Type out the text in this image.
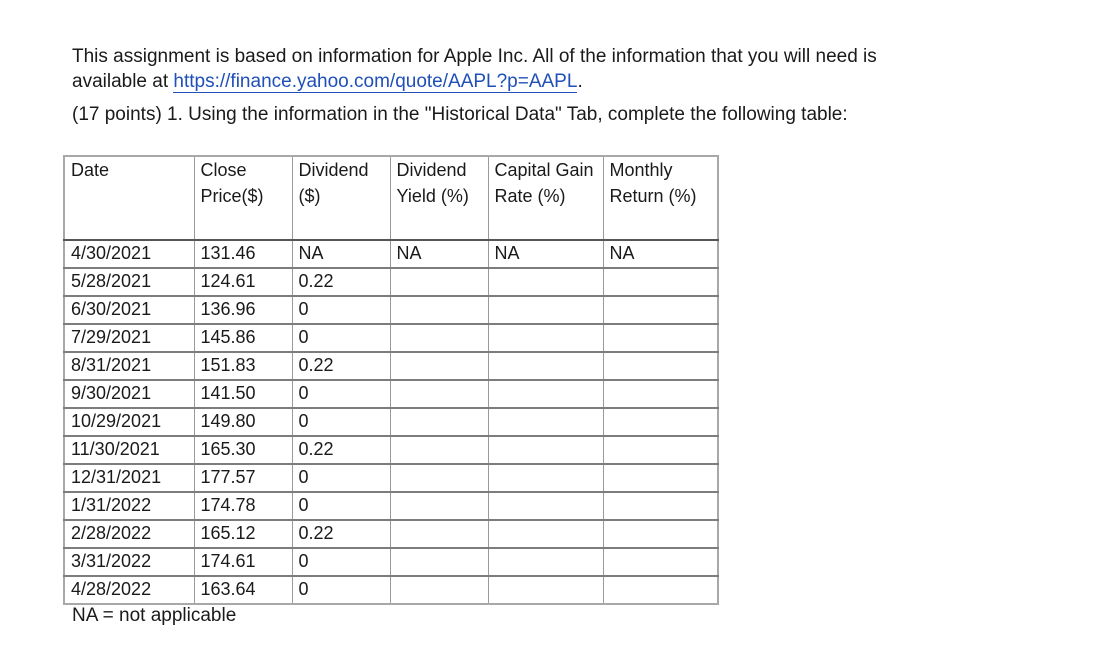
This assignment is based on information for Apple Inc. All of the information that you will need is

available at https://finance.yahoo.com/quote/AAPL?p=AAPL.

(17 points) 1. Using the information in the "Historical Data" Tab, complete the following table:
Date	Close Price($)	Dividend ($)	Dividend Yield (%)	Capital Gain Rate (%)	Monthly Return (%)
4/30/2021	131.46	NA	NA	NA	NA
5/28/2021	124.61	0.22			
6/30/2021	136.96	0			
7/29/2021	145.86	0			
8/31/2021	151.83	0.22			
9/30/2021	141.50	0			
10/29/2021	149.80	0			
11/30/2021	165.30	0.22			
12/31/2021	177.57	0			
1/31/2022	174.78	0			
2/28/2022	165.12	0.22			
3/31/2022	174.61	0			
4/28/2022	163.64	0			
NA = not applicable
